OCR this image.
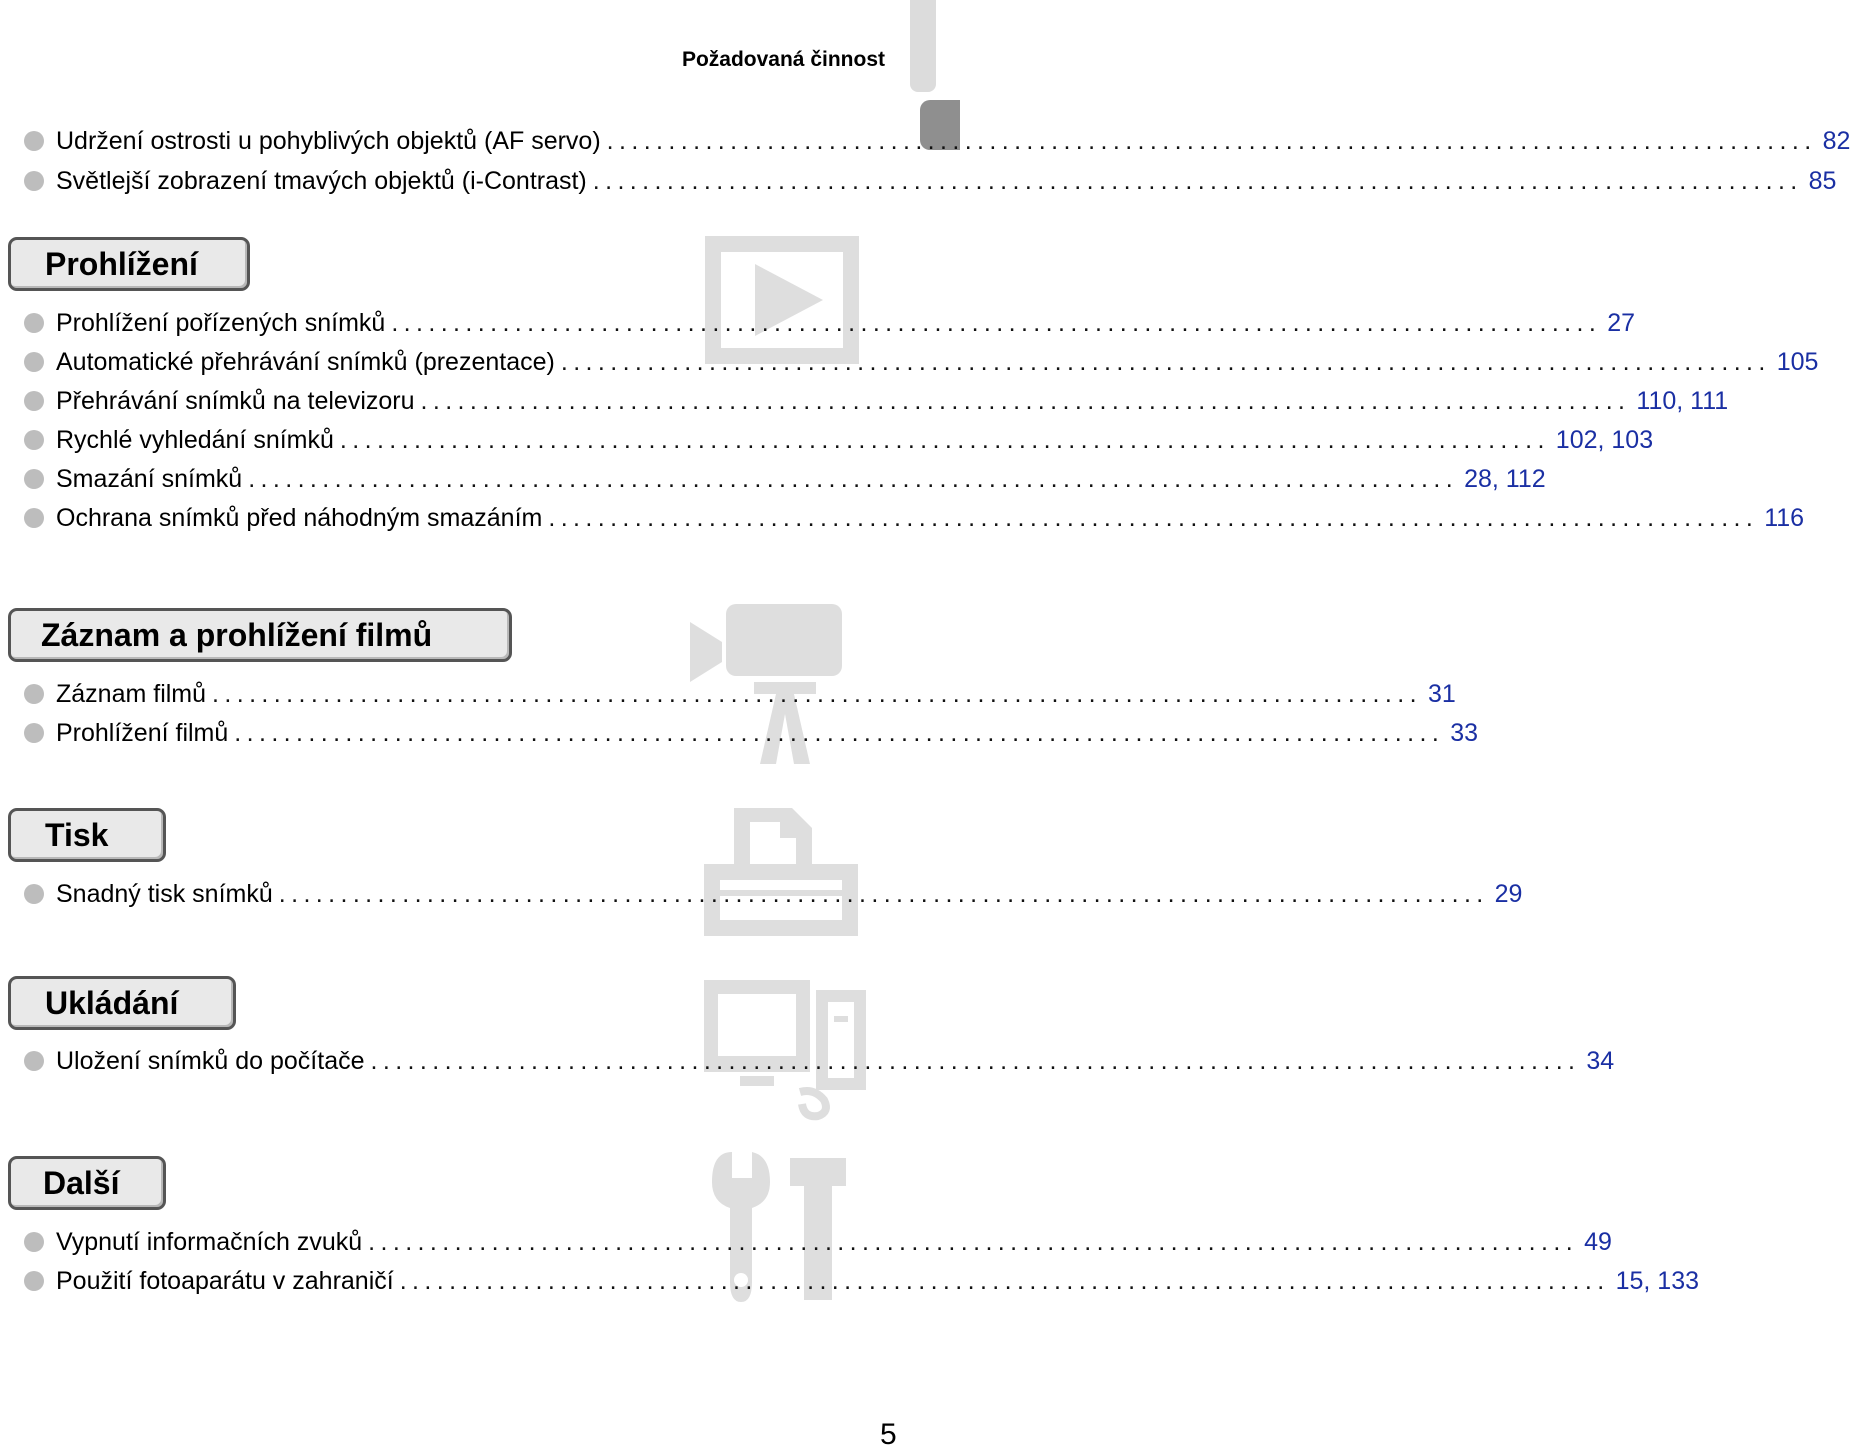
Požadovaná činnost
Udržení ostrosti u pohyblivých objektů (AF servo) .................................................................................................. 82
Světlejší zobrazení tmavých objektů (i-Contrast) .................................................................................................. 85
Prohlížení
Prohlížení pořízených snímků .................................................................................................. 27
Automatické přehrávání snímků (prezentace) .................................................................................................. 105
Přehrávání snímků na televizoru .................................................................................................. 110, 111
Rychlé vyhledání snímků .................................................................................................. 102, 103
Smazání snímků .................................................................................................. 28, 112
Ochrana snímků před náhodným smazáním .................................................................................................. 116
Záznam a prohlížení filmů
Záznam filmů .................................................................................................. 31
Prohlížení filmů .................................................................................................. 33
Tisk
Snadný tisk snímků .................................................................................................. 29
Ukládání
Uložení snímků do počítače .................................................................................................. 34
Další
Vypnutí informačních zvuků .................................................................................................. 49
Použití fotoaparátu v zahraničí .................................................................................................. 15, 133
5
